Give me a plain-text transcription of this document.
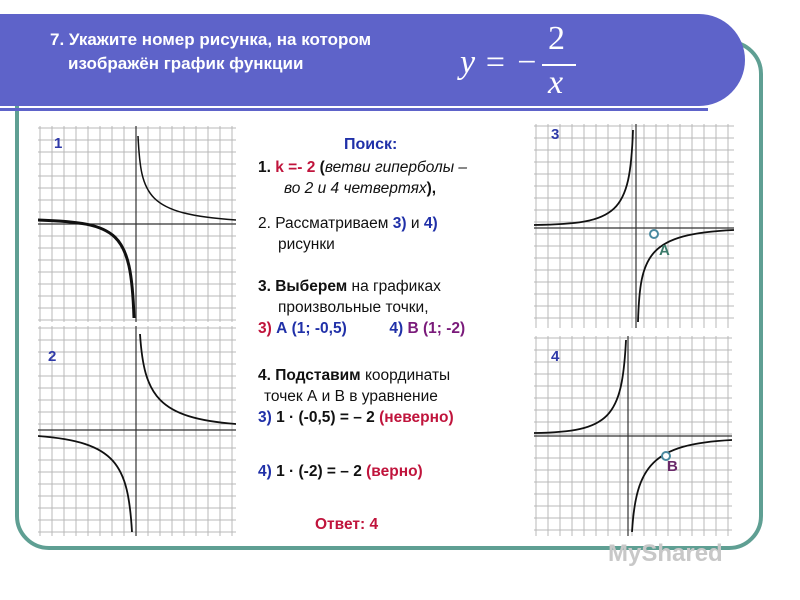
7. Укажите номер рисунка, на котором
изображён график функции	y = −
2
x
1
2
3
A
4
B
Поиск:
1. k =- 2 (ветви гиперболы –
во 2 и 4 четвертях),
2. Рассматриваем 3) и 4)
рисунки
3. Выберем на графиках
произвольные точки,
3) А (1; -0,5)	4) В (1; -2)
4. Подставим координаты
точек А и В в уравнение
3) 1 · (-0,5) = – 2 (неверно)
4) 1 · (-2) = – 2 (верно)
Ответ: 4
MyShared
